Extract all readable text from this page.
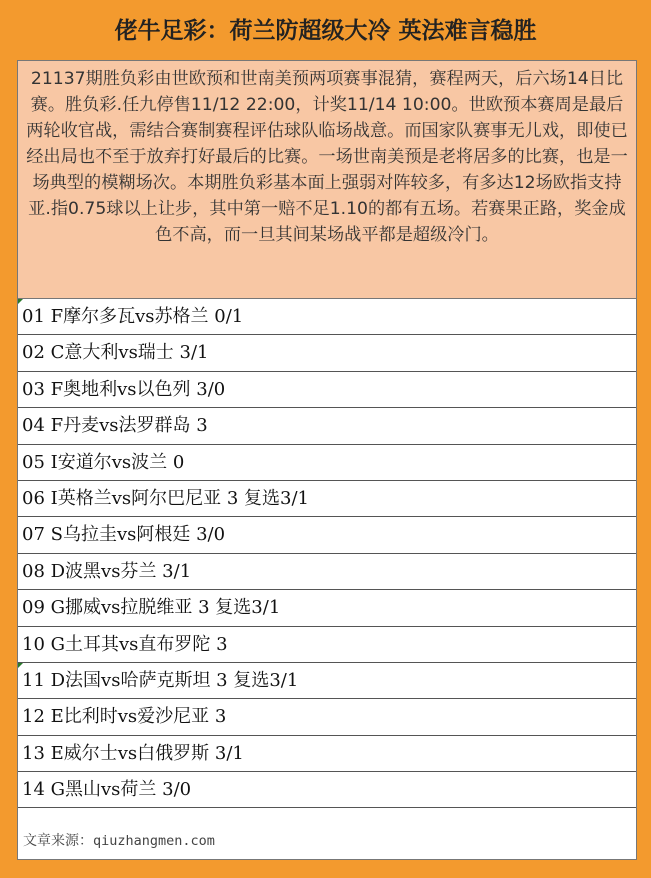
佬牛足彩：荷兰防超级大冷 英法难言稳胜
21137期胜负彩由世欧预和世南美预两项赛事混猜，赛程两天，后六场14日比赛。胜负彩.任九停售11/12 22:00，计奖11/14 10:00。世欧预本赛周是最后两轮收官战，需结合赛制赛程评估球队临场战意。而国家队赛事无儿戏，即使已经出局也不至于放弃打好最后的比赛。一场世南美预是老将居多的比赛，也是一场典型的模糊场次。本期胜负彩基本面上强弱对阵较多，有多达12场欧指支持亚.指0.75球以上让步，其中第一赔不足1.10的都有五场。若赛果正路，奖金成色不高，而一旦其间某场战平都是超级冷门。
01 F摩尔多瓦vs苏格兰 0/1
02 C意大利vs瑞士 3/1
03 F奥地利vs以色列 3/0
04 F丹麦vs法罗群岛 3
05 I安道尔vs波兰 0
06 I英格兰vs阿尔巴尼亚 3 复选3/1
07 S乌拉圭vs阿根廷 3/0
08 D波黑vs芬兰 3/1
09 G挪威vs拉脱维亚 3 复选3/1
10 G土耳其vs直布罗陀 3
11 D法国vs哈萨克斯坦 3 复选3/1
12 E比利时vs爱沙尼亚 3
13 E威尔士vs白俄罗斯 3/1
14 G黑山vs荷兰 3/0
文章来源：qiuzhangmen.com
